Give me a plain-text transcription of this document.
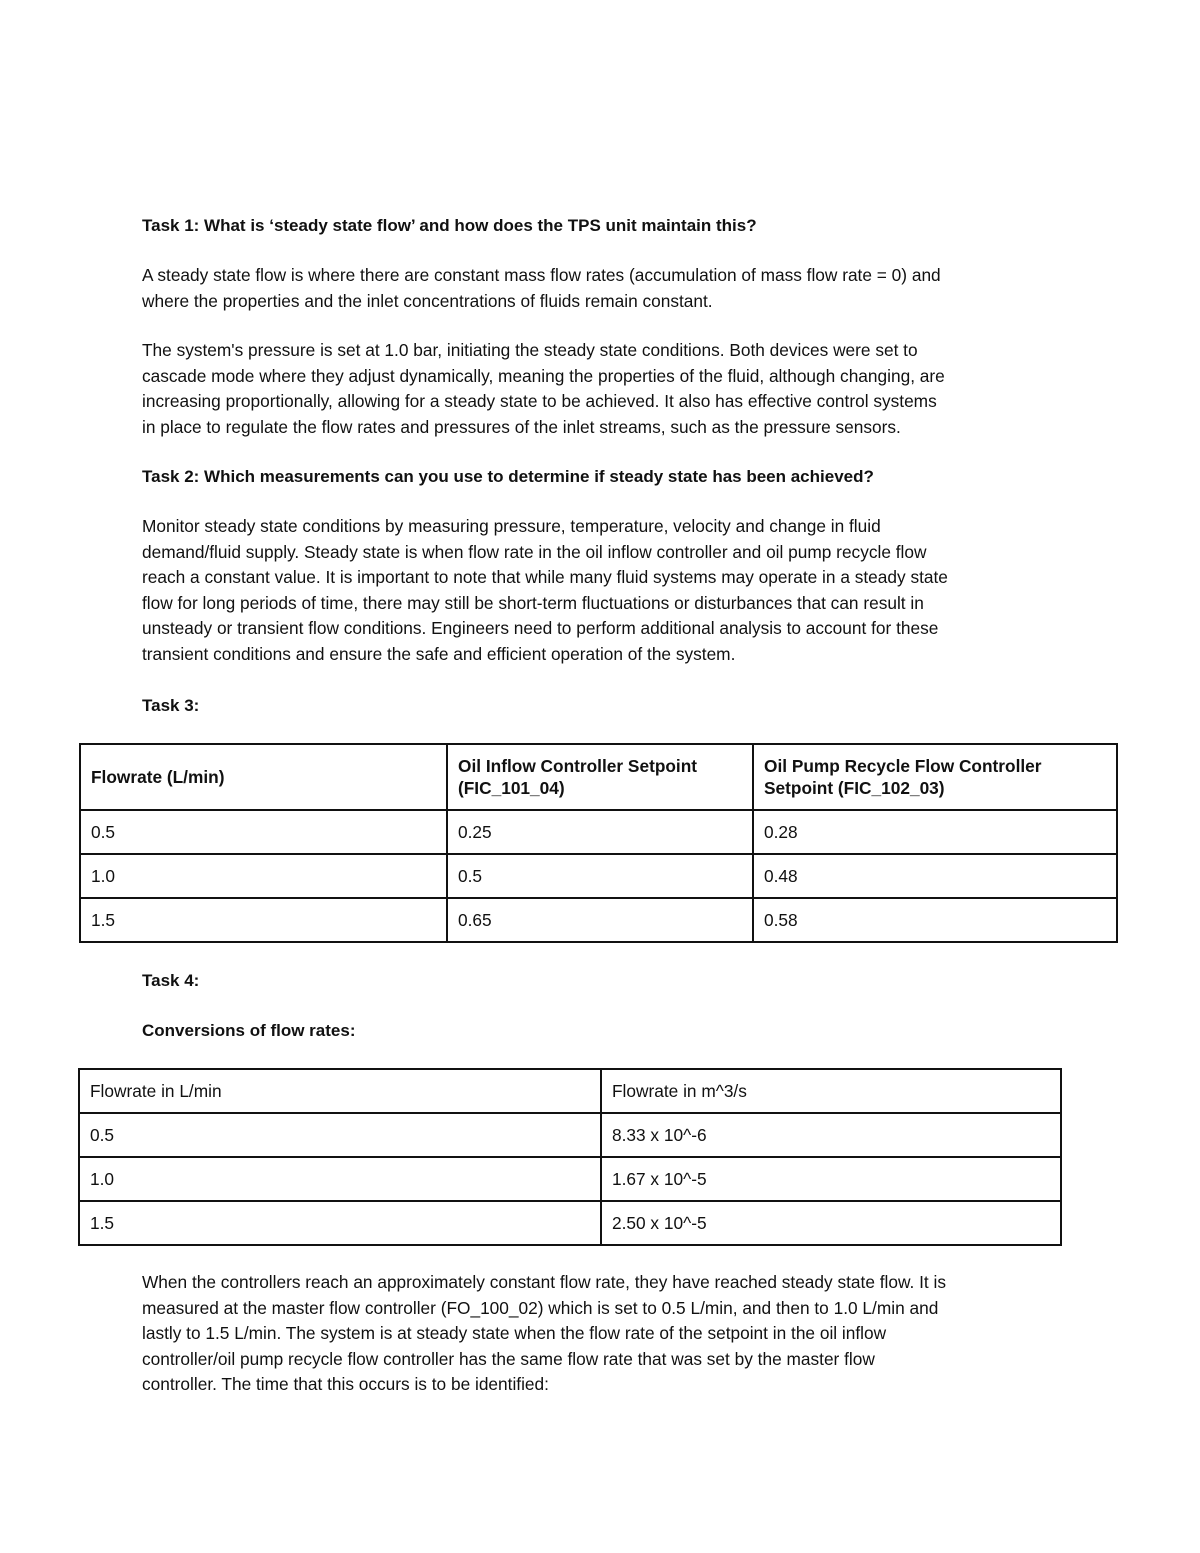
Task 1: What is ‘steady state flow’ and how does the TPS unit maintain this?

A steady state flow is where there are constant mass flow rates (accumulation of mass flow rate = 0) and
where the properties and the inlet concentrations of fluids remain constant.

The system's pressure is set at 1.0 bar, initiating the steady state conditions. Both devices were set to
cascade mode where they adjust dynamically, meaning the properties of the fluid, although changing, are
increasing proportionally, allowing for a steady state to be achieved. It also has effective control systems
in place to regulate the flow rates and pressures of the inlet streams, such as the pressure sensors.

Task 2: Which measurements can you use to determine if steady state has been achieved?

Monitor steady state conditions by measuring pressure, temperature, velocity and change in fluid
demand/fluid supply. Steady state is when flow rate in the oil inflow controller and oil pump recycle flow
reach a constant value. It is important to note that while many fluid systems may operate in a steady state
flow for long periods of time, there may still be short-term fluctuations or disturbances that can result in
unsteady or transient flow conditions. Engineers need to perform additional analysis to account for these
transient conditions and ensure the safe and efficient operation of the system.

Task 3:

Flowrate (L/min)	Oil Inflow Controller Setpoint (FIC_101_04)	Oil Pump Recycle Flow Controller Setpoint (FIC_102_03)
0.5	0.25	0.28
1.0	0.5	0.48
1.5	0.65	0.58

Task 4:

Conversions of flow rates:

Flowrate in L/min	Flowrate in m^3/s
0.5	8.33 x 10^-6
1.0	1.67 x 10^-5
1.5	2.50 x 10^-5

When the controllers reach an approximately constant flow rate, they have reached steady state flow. It is
measured at the master flow controller (FO_100_02) which is set to 0.5 L/min, and then to 1.0 L/min and
lastly to 1.5 L/min. The system is at steady state when the flow rate of the setpoint in the oil inflow
controller/oil pump recycle flow controller has the same flow rate that was set by the master flow
controller. The time that this occurs is to be identified:
